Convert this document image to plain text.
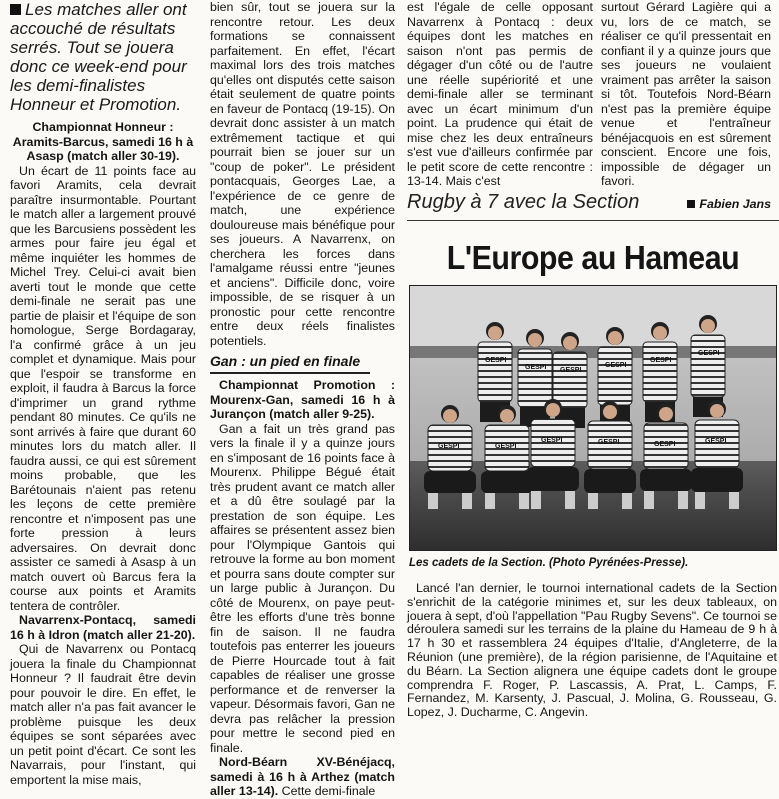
Les matches aller ont accouché de résultats serrés. Tout se jouera donc ce week-end pour les demi-finalistes Honneur et Promotion.

Championnat Honneur : Aramits-Barcus, samedi 16 h à Asasp (match aller 30-19).

Un écart de 11 points face au favori Aramits, cela devrait paraître insurmontable. Pourtant le match aller a largement prouvé que les Barcusiens possèdent les armes pour faire jeu égal et même inquiéter les hommes de Michel Trey. Celui-ci avait bien averti tout le monde que cette demi-finale ne serait pas une partie de plaisir et l'équipe de son homologue, Serge Bordagaray, l'a confirmé grâce à un jeu complet et dynamique. Mais pour que l'espoir se transforme en exploit, il faudra à Barcus la force d'imprimer un grand rythme pendant 80 minutes. Ce qu'ils ne sont arrivés à faire que durant 60 minutes lors du match aller. Il faudra aussi, ce qui est sûrement moins probable, que les Barétounais n'aient pas retenu les leçons de cette première rencontre et n'imposent pas une forte pression à leurs adversaires. On devrait donc assister ce samedi à Asasp à un match ouvert où Barcus fera la course aux points et Aramits tentera de contrôler.

Navarrenx-Pontacq, samedi 16 h à Idron (match aller 21-20).

Qui de Navarrenx ou Pontacq jouera la finale du Championnat Honneur ? Il faudrait être devin pour pouvoir le dire. En effet, le match aller n'a pas fait avancer le problème puisque les deux équipes se sont séparées avec un petit point d'écart. Ce sont les Navarrais, pour l'instant, qui emportent la mise mais,

bien sûr, tout se jouera sur la rencontre retour. Les deux formations se connaissent parfaitement. En effet, l'écart maximal lors des trois matches qu'elles ont disputés cette saison était seulement de quatre points en faveur de Pontacq (19-15). On devrait donc assister à un match extrêmement tactique et qui pourrait bien se jouer sur un "coup de poker". Le président pontacquais, Georges Lae, a l'expérience de ce genre de match, une expérience douloureuse mais bénéfique pour ses joueurs. A Navarrenx, on cherchera les forces dans l'amalgame réussi entre "jeunes et anciens". Difficile donc, voire impossible, de se risquer à un pronostic pour cette rencontre entre deux réels finalistes potentiels.

Gan : un pied en finale

Championnat Promotion : Mourenx-Gan, samedi 16 h à Jurançon (match aller 9-25).

Gan a fait un très grand pas vers la finale il y a quinze jours en s'imposant de 16 points face à Mourenx. Philippe Bégué était très prudent avant ce match aller et a dû être soulagé par la prestation de son équipe. Les affaires se présentent assez bien pour l'Olympique Gantois qui retrouve la forme au bon moment et pourra sans doute compter sur un large public à Jurançon. Du côté de Mourenx, on paye peut-être les efforts d'une très bonne fin de saison. Il ne faudra toutefois pas enterrer les joueurs de Pierre Hourcade tout à fait capables de réaliser une grosse performance et de renverser la vapeur. Désormais favori, Gan ne devra pas relâcher la pression pour mettre le second pied en finale.

Nord-Béarn XV-Bénéjacq, samedi à 16 h à Arthez (match aller 13-14). Cette demi-finale

est l'égale de celle opposant Navarrenx à Pontacq : deux équipes dont les matches en saison n'ont pas permis de dégager d'un côté ou de l'autre une réelle supériorité et une demi-finale aller se terminant avec un écart minimum d'un point. La prudence qui était de mise chez les deux entraîneurs s'est vue d'ailleurs confirmée par le petit score de cette rencontre : 13-14. Mais c'est

surtout Gérard Lagière qui a vu, lors de ce match, se réaliser ce qu'il pressentait en confiant il y a quinze jours que ses joueurs ne voulaient vraiment pas arrêter la saison si tôt. Toutefois Nord-Béarn n'est pas la première équipe venue et l'entraîneur bénéjacquois en est sûrement conscient. Encore une fois, impossible de dégager un favori.

Fabien Jans
Rugby à 7 avec la Section
L'Europe au Hameau
GESPI
GESPI GESPI
GESPI
GESPI
GESPI
GESPI	GESPI
GESPI	GESPI	GESPI	GESPI
Les cadets de la Section. (Photo Pyrénées-Presse).

Lancé l'an dernier, le tournoi international cadets de la Section s'enrichit de la catégorie minimes et, sur les deux tableaux, on jouera à sept, d'où l'appellation "Pau Rugby Sevens". Ce tournoi se déroulera samedi sur les terrains de la plaine du Hameau de 9 h à 17 h 30 et rassemblera 24 équipes d'Italie, d'Angleterre, de la Réunion (une première), de la région parisienne, de l'Aquitaine et du Béarn. La Section alignera une équipe cadets dont le groupe comprendra F. Roger, P. Lascassis, A. Prat, L. Camps, F. Fernandez, M. Karsenty, J. Pascual, J. Molina, G. Rousseau, G. Lopez, J. Ducharme, C. Angevin.
